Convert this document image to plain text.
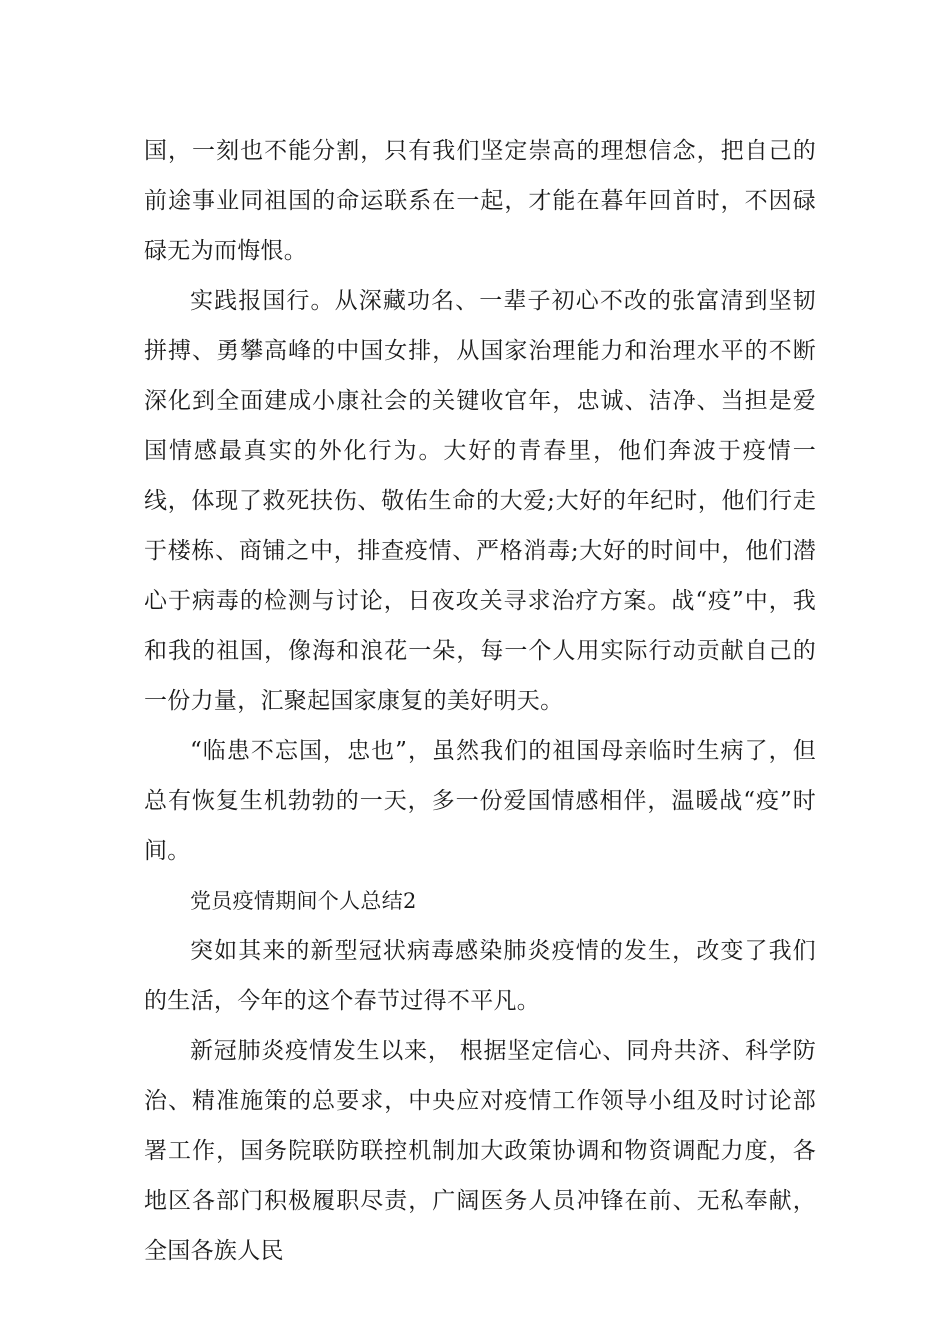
国，一刻也不能分割，只有我们坚定崇高的理想信念，把自己的前途事业同祖国的命运联系在一起，才能在暮年回首时，不因碌碌无为而悔恨。

实践报国行。从深藏功名、一辈子初心不改的张富清到坚韧拼搏、勇攀高峰的中国女排，从国家治理能力和治理水平的不断深化到全面建成小康社会的关键收官年，忠诚、洁净、当担是爱国情感最真实的外化行为。大好的青春里，他们奔波于疫情一线，体现了救死扶伤、敬佑生命的大爱;大好的年纪时，他们行走于楼栋、商铺之中，排查疫情、严格消毒;大好的时间中，他们潜心于病毒的检测与讨论，日夜攻关寻求治疗方案。战“疫”中，我和我的祖国，像海和浪花一朵，每一个人用实际行动贡献自己的一份力量，汇聚起国家康复的美好明天。

“临患不忘国，忠也”，虽然我们的祖国母亲临时生病了，但总有恢复生机勃勃的一天，多一份爱国情感相伴，温暖战“疫”时间。

党员疫情期间个人总结2

突如其来的新型冠状病毒感染肺炎疫情的发生，改变了我们的生活，今年的这个春节过得不平凡。

新冠肺炎疫情发生以来， 根据坚定信心、同舟共济、科学防治、精准施策的总要求，中央应对疫情工作领导小组及时讨论部署工作，国务院联防联控机制加大政策协调和物资调配力度，各地区各部门积极履职尽责，广阔医务人员冲锋在前、无私奉献，全国各族人民
